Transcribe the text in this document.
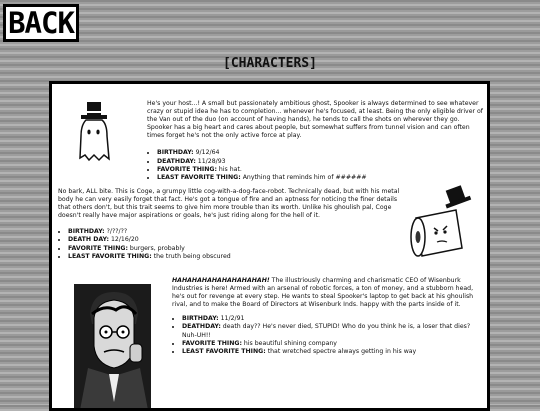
BACK
[CHARACTERS]

He's your host...! A small but passionately ambitious ghost, Spooker is always determined to see whatever crazy or stupid idea he has to completion... whenever he's focused, at least. Being the only eligible driver of the Van out of the duo (on account of having hands), he tends to call the shots on wherever they go. Spooker has a big heart and cares about people, but somewhat suffers from tunnel vision and can often times forget he's not the only active force at play.

• BIRTHDAY: 9/12/64
• DEATHDAY: 11/28/93
• FAVORITE THING: his hat.
• LEAST FAVORITE THING: Anything that reminds him of ######

No bark, ALL bite. This is Coge, a grumpy little cog-with-a-dog-face-robot. Technically dead, but with his metal body he can very easily forget that fact. He's got a tongue of fire and an aptness for noticing the finer details that others don't, but this trait seems to give him more trouble than its worth. Unlike his ghoulish pal, Coge doesn't really have major aspirations or goals, he's just riding along for the hell of it.

• BIRTHDAY: ?/??/??
• DEATH DAY: 12/16/20
• FAVORITE THING: burgers, probably
• LEAST FAVORITE THING: the truth being obscured

HAHAHAHAHAHAHAHAHAH! The illustriously charming and charismatic CEO of Wisenburk Industries is here! Armed with an arsenal of robotic forces, a ton of money, and a stubborn head, he's out for revenge at every step. He wants to steal Spooker's laptop to get back at his ghoulish rival, and to make the Board of Directors at Wisenburk Inds. happy with the parts inside of it.

• BIRTHDAY: 11/2/91
• DEATHDAY: death day?? He's never died, STUPID! Who do you think he is, a loser that dies? Nuh-UH!!
• FAVORITE THING: his beautiful shining company
• LEAST FAVORITE THING: that wretched spectre always getting in his way
